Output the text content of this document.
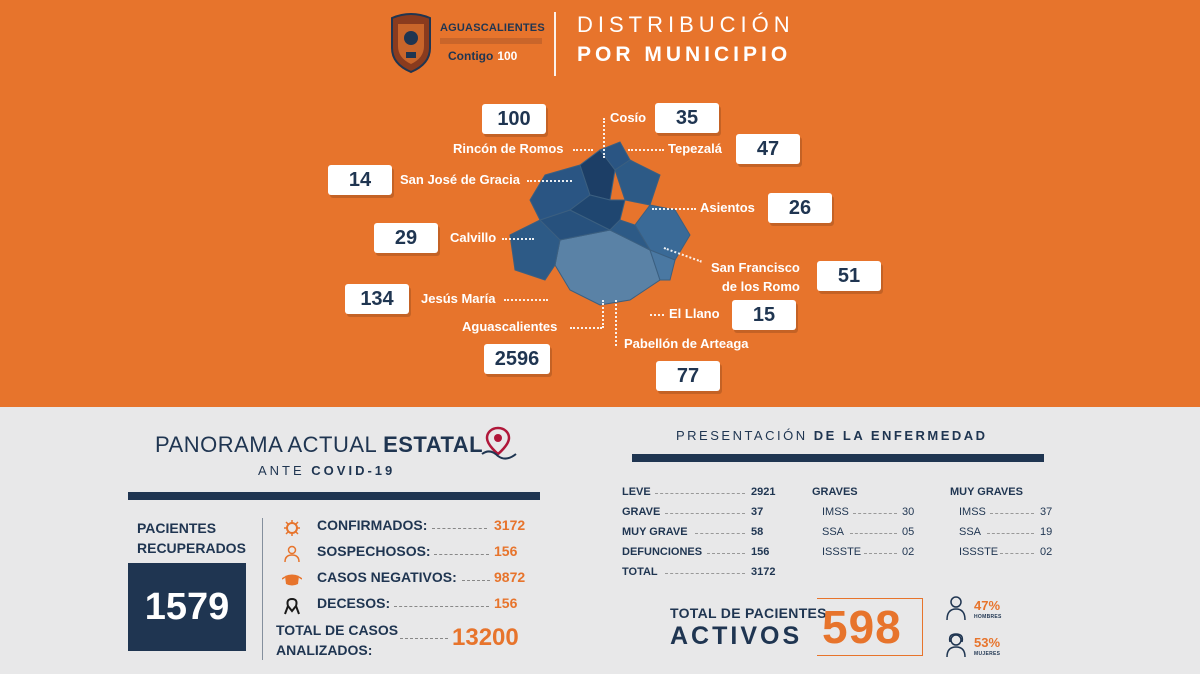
AGUASCALIENTES
Contigo 100
DISTRIBUCIÓN
POR MUNICIPIO
Cosío	35
100
Rincón de Romos	Tepezalá	47
14	San José de Gracia
Asientos	26
29	Calvillo
San Francisco
de los Romo	51
134	Jesús María
El Llano	15
Aguascalientes
2596
Pabellón de Arteaga
77
PANORAMA ACTUAL ESTATAL
ANTE COVID-19
PACIENTES
RECUPERADOS
1579
CONFIRMADOS:	3172
SOSPECHOSOS:	156
CASOS NEGATIVOS:	9872
DECESOS:	156
TOTAL DE CASOS
ANALIZADOS:	13200
PRESENTACIÓN DE LA ENFERMEDAD
LEVE	2921
GRAVE	37
MUY GRAVE	58
DEFUNCIONES	156
TOTAL	3172
GRAVES
IMSS	30
SSA	05
ISSSTE	02
MUY GRAVES
IMSS	37
SSA	19
ISSSTE	02
TOTAL DE PACIENTES
ACTIVOS 598	47%
HOMBRES
53%
MUJERES
